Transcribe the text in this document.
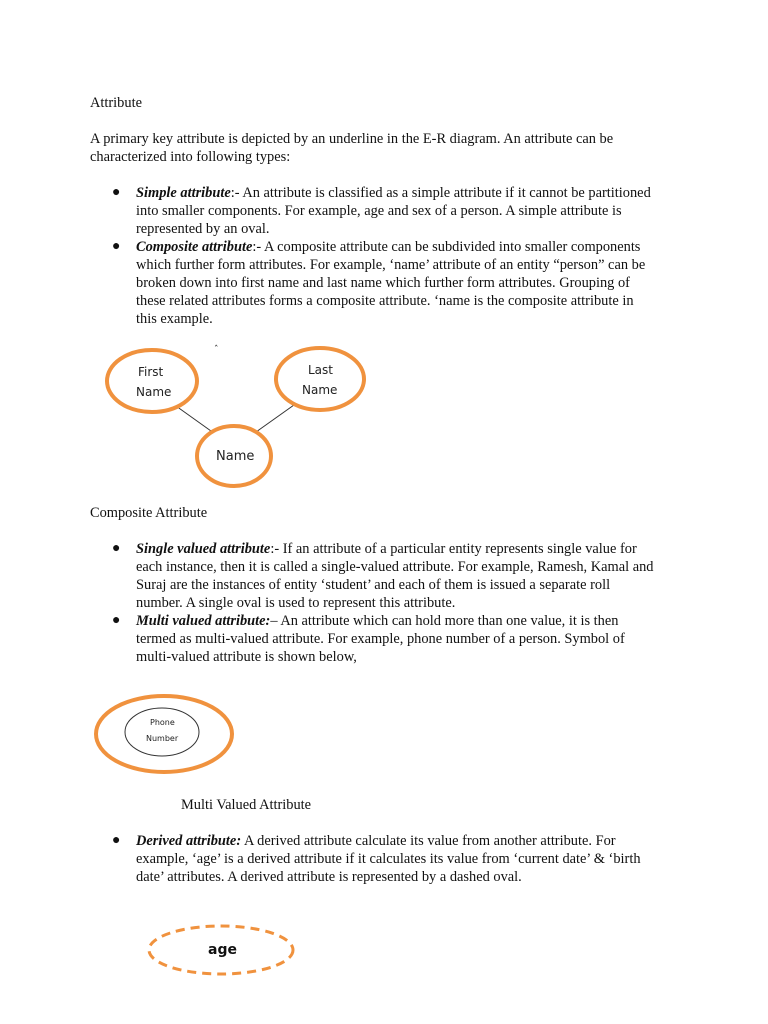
Attribute
A primary key attribute is depicted by an underline in the E-R diagram. An attribute can be characterized into following types:
● Simple attribute:- An attribute is classified as a simple attribute if it cannot be partitioned
into smaller components. For example, age and sex of a person. A simple attribute is
represented by an oval.
● Composite attribute:- A composite attribute can be subdivided into smaller components
which further form attributes. For example, ‘name’ attribute of an entity “person” can be
broken down into first name and last name which further form attributes. Grouping of
these related attributes forms a composite attribute. ‘name is the composite attribute in
this example.
First
Name
Last
Name
Name
ˆ
Composite Attribute
● Single valued attribute:- If an attribute of a particular entity represents single value for
each instance, then it is called a single-valued attribute. For example, Ramesh, Kamal and
Suraj are the instances of entity ‘student’ and each of them is issued a separate roll
number. A single oval is used to represent this attribute.
● Multi valued attribute:– An attribute which can hold more than one value, it is then
termed as multi-valued attribute. For example, phone number of a person. Symbol of
multi-valued attribute is shown below,
Phone
Number
Multi Valued Attribute
● Derived attribute: A derived attribute calculate its value from another attribute. For
example, ‘age’ is a derived attribute if it calculates its value from ‘current date’ & ‘birth
date’ attributes. A derived attribute is represented by a dashed oval.
age
